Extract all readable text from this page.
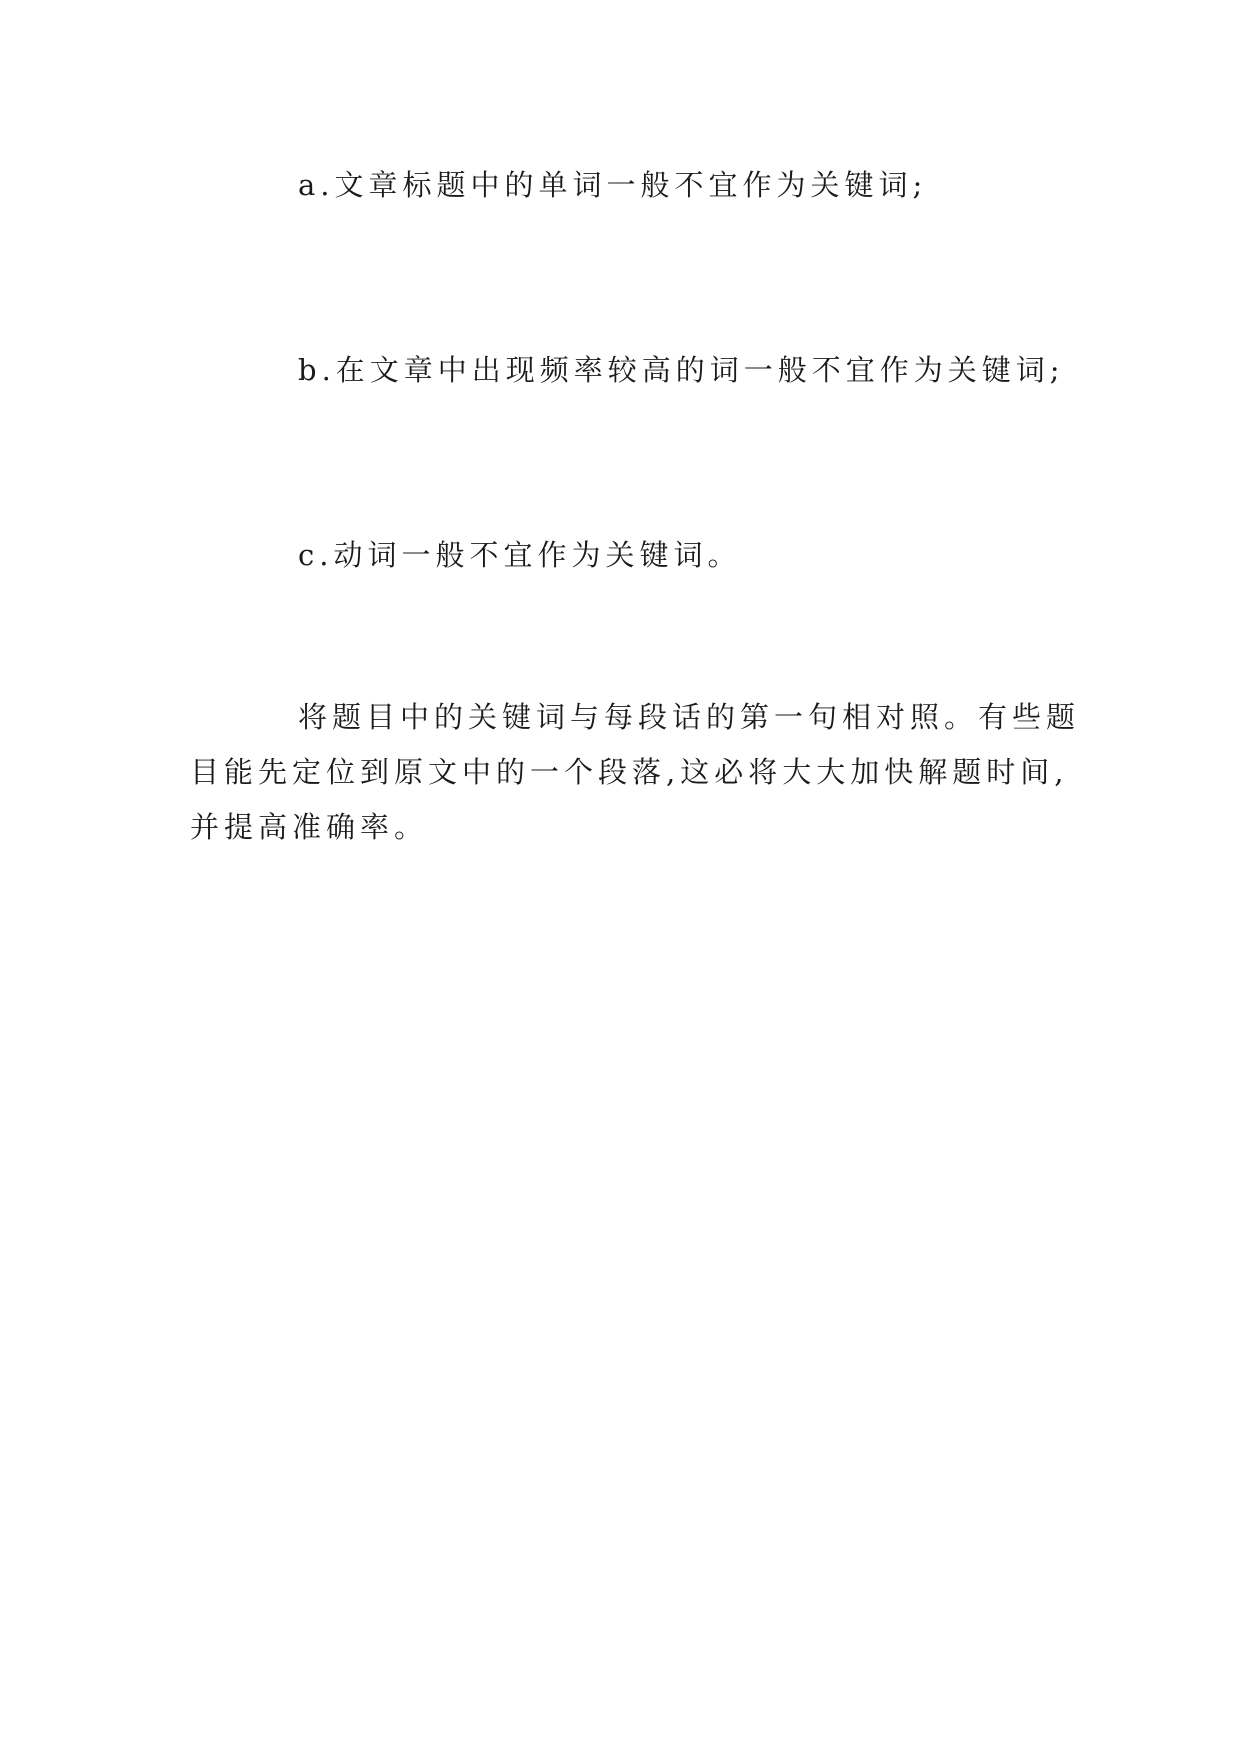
a.文章标题中的单词一般不宜作为关键词;

b.在文章中出现频率较高的词一般不宜作为关键词;

c.动词一般不宜作为关键词。

将题目中的关键词与每段话的第一句相对照。有些题
目能先定位到原文中的一个段落,这必将大大加快解题时间,
并提高准确率。
